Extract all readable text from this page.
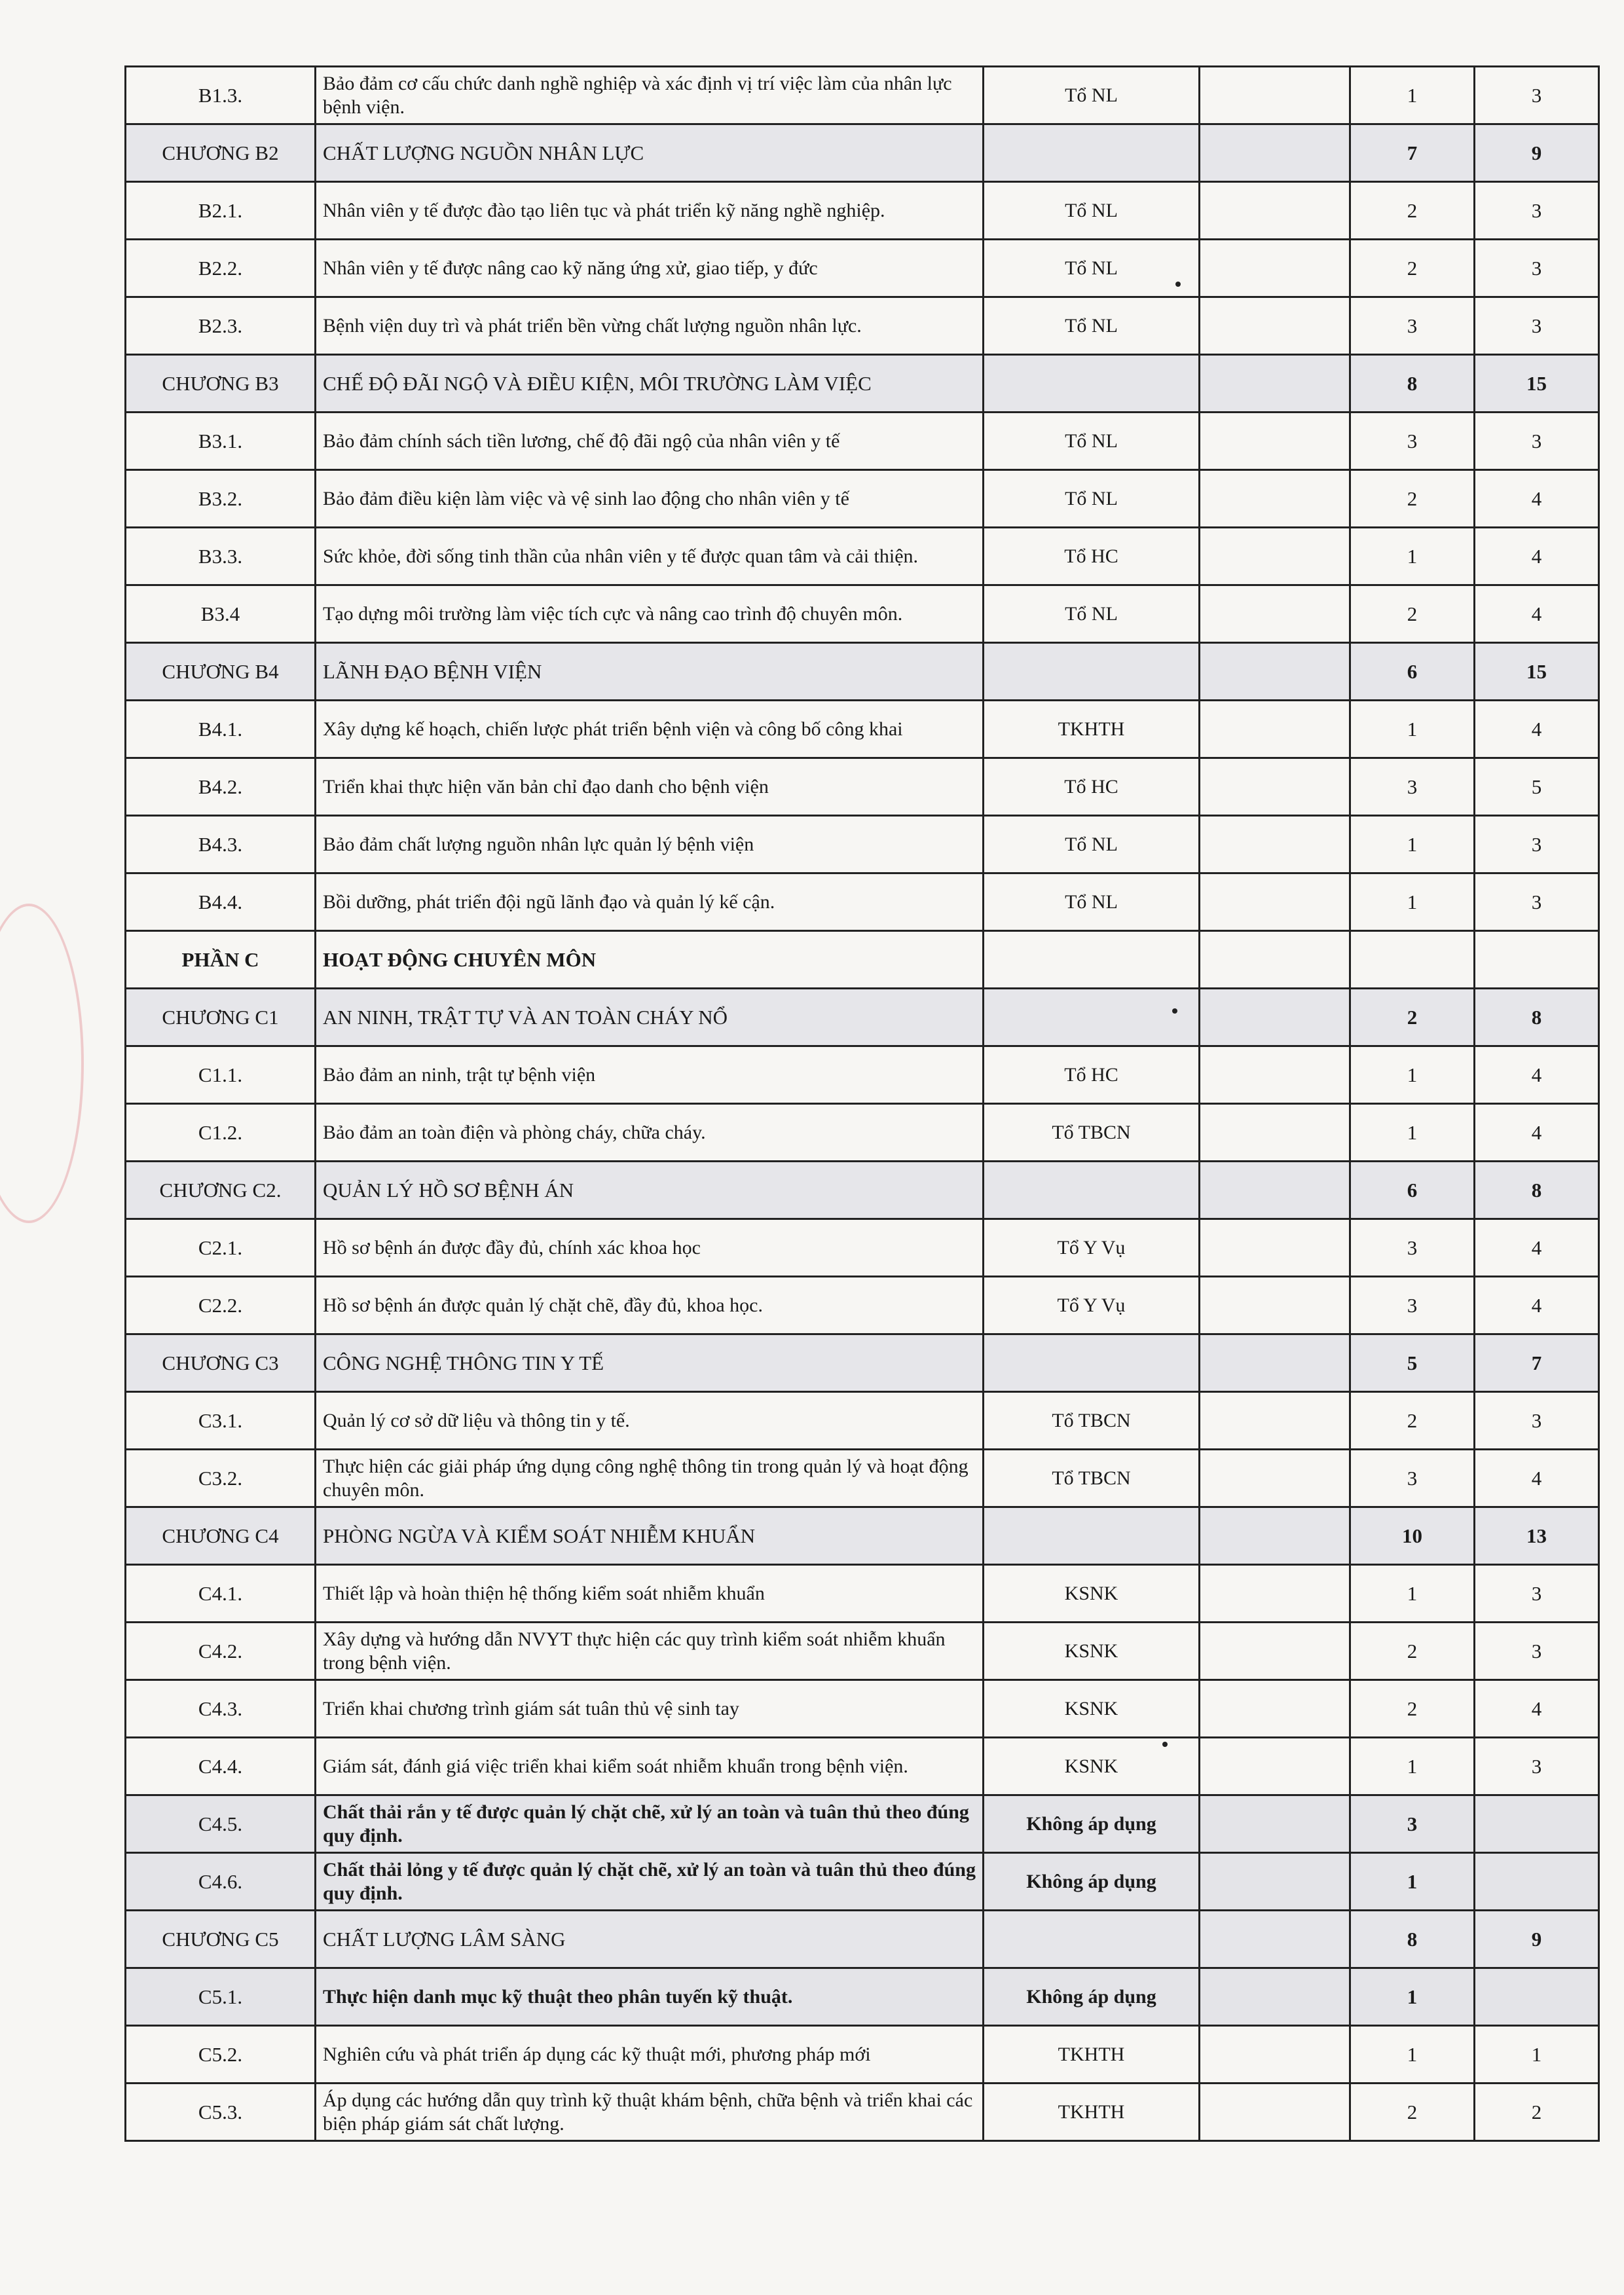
B1.3.	Bảo đảm cơ cấu chức danh nghề nghiệp và xác định vị trí việc làm của nhân lực bệnh viện.	Tổ NL		1	3
CHƯƠNG B2	CHẤT LƯỢNG NGUỒN NHÂN LỰC			7	9
B2.1.	Nhân viên y tế được đào tạo liên tục và phát triển kỹ năng nghề nghiệp.	Tổ NL		2	3
B2.2.	Nhân viên y tế được nâng cao kỹ năng ứng xử, giao tiếp, y đức	Tổ NL		2	3
B2.3.	Bệnh viện duy trì và phát triển bền vừng chất lượng nguồn nhân lực.	Tổ NL		3	3
CHƯƠNG B3	CHẾ ĐỘ ĐÃI NGỘ VÀ ĐIỀU KIỆN, MÔI TRƯỜNG LÀM VIỆC			8	15
B3.1.	Bảo đảm chính sách tiền lương, chế độ đãi ngộ của nhân viên y tế	Tổ NL		3	3
B3.2.	Bảo đảm điều kiện làm việc và vệ sinh lao động cho nhân viên y tế	Tổ NL		2	4
B3.3.	Sức khỏe, đời sống tinh thần của nhân viên y tế được quan tâm và cải thiện.	Tổ HC		1	4
B3.4	Tạo dựng môi trường làm việc tích cực và nâng cao trình độ chuyên môn.	Tổ NL		2	4
CHƯƠNG B4	LÃNH ĐẠO BỆNH VIỆN			6	15
B4.1.	Xây dựng kế hoạch, chiến lược phát triển bệnh viện và công bố công khai	TKHTH		1	4
B4.2.	Triển khai thực hiện văn bản chỉ đạo danh cho bệnh viện	Tổ HC		3	5
B4.3.	Bảo đảm chất lượng nguồn nhân lực quản lý bệnh viện	Tổ NL		1	3
B4.4.	Bồi dưỡng, phát triển đội ngũ lãnh đạo và quản lý kế cận.	Tổ NL		1	3
PHẦN C	HOẠT ĐỘNG CHUYÊN MÔN				
CHƯƠNG C1	AN NINH, TRẬT TỰ VÀ AN TOÀN CHÁY NỔ			2	8
C1.1.	Bảo đảm an ninh, trật tự bệnh viện	Tổ HC		1	4
C1.2.	Bảo đảm an toàn điện và phòng cháy, chữa cháy.	Tổ TBCN		1	4
CHƯƠNG C2.	QUẢN LÝ HỒ SƠ BỆNH ÁN			6	8
C2.1.	Hồ sơ bệnh án được đầy đủ, chính xác khoa học	Tổ Y Vụ		3	4
C2.2.	Hồ sơ bệnh án được quản lý chặt chẽ, đầy đủ, khoa học.	Tổ Y Vụ		3	4
CHƯƠNG C3	CÔNG NGHỆ THÔNG TIN Y TẾ			5	7
C3.1.	Quản lý cơ sở dữ liệu và thông tin y tế.	Tổ TBCN		2	3
C3.2.	Thực hiện các giải pháp ứng dụng công nghệ thông tin trong quản lý và hoạt động chuyên môn.	Tổ TBCN		3	4
CHƯƠNG C4	PHÒNG NGỪA VÀ KIỂM SOÁT NHIỄM KHUẨN			10	13
C4.1.	Thiết lập và hoàn thiện hệ thống kiểm soát nhiễm khuẩn	KSNK		1	3
C4.2.	Xây dựng và hướng dẫn NVYT thực hiện các quy trình kiểm soát nhiễm khuẩn trong bệnh viện.	KSNK		2	3
C4.3.	Triển khai chương trình giám sát tuân thủ vệ sinh tay	KSNK		2	4
C4.4.	Giám sát, đánh giá việc triển khai kiểm soát nhiễm khuẩn trong bệnh viện.	KSNK		1	3
C4.5.	Chất thải rắn y tế được quản lý chặt chẽ, xử lý an toàn và tuân thủ theo đúng quy định.	Không áp dụng		3	
C4.6.	Chất thải lỏng y tế được quản lý chặt chẽ, xử lý an toàn và tuân thủ theo đúng quy định.	Không áp dụng		1	
CHƯƠNG C5	CHẤT LƯỢNG LÂM SÀNG			8	9
C5.1.	Thực hiện danh mục kỹ thuật theo phân tuyến kỹ thuật.	Không áp dụng		1	
C5.2.	Nghiên cứu và phát triển áp dụng các kỹ thuật mới, phương pháp mới	TKHTH		1	1
C5.3.	Áp dụng các hướng dẫn quy trình kỹ thuật khám bệnh, chữa bệnh và triển khai các biện pháp giám sát chất lượng.	TKHTH		2	2
